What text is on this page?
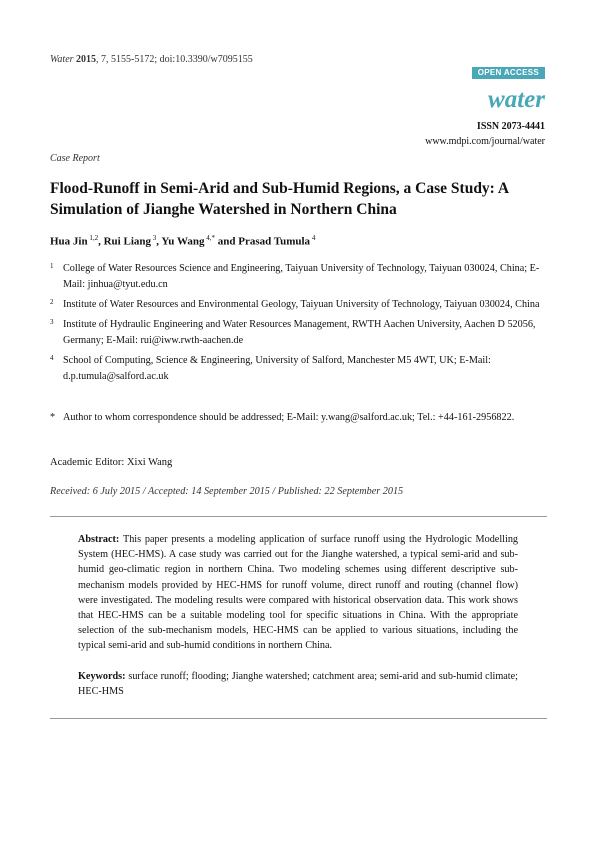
Water 2015, 7, 5155-5172; doi:10.3390/w7095155
OPEN ACCESS
water
ISSN 2073-4441
www.mdpi.com/journal/water
Case Report
Flood-Runoff in Semi-Arid and Sub-Humid Regions, a Case Study: A Simulation of Jianghe Watershed in Northern China
Hua Jin $^{1,2}$, Rui Liang $^3$, Yu Wang $^{4,*}$ and Prasad Tumula $^4$
1 College of Water Resources Science and Engineering, Taiyuan University of Technology, Taiyuan 030024, China; E-Mail: jinhua@tyut.edu.cn
2 Institute of Water Resources and Environmental Geology, Taiyuan University of Technology, Taiyuan 030024, China
3 Institute of Hydraulic Engineering and Water Resources Management, RWTH Aachen University, Aachen D 52056, Germany; E-Mail: rui@iww.rwth-aachen.de
4 School of Computing, Science & Engineering, University of Salford, Manchester M5 4WT, UK; E-Mail: d.p.tumula@salford.ac.uk
* Author to whom correspondence should be addressed; E-Mail: y.wang@salford.ac.uk; Tel.: +44-161-2956822.
Academic Editor: Xixi Wang
Received: 6 July 2015 / Accepted: 14 September 2015 / Published: 22 September 2015

Abstract: This paper presents a modeling application of surface runoff using the Hydrologic Modelling System (HEC-HMS). A case study was carried out for the Jianghe watershed, a typical semi-arid and sub-humid geo-climatic region in northern China. Two modeling schemes using different descriptive sub-mechanism models provided by HEC-HMS for runoff volume, direct runoff and routing (channel flow) were investigated. The modeling results were compared with historical observation data. This work shows that HEC-HMS can be a suitable modeling tool for specific situations in China. With the appropriate selection of the sub-mechanism models, HEC-HMS can be applied to various situations, including the typical semi-arid and sub-humid conditions in northern China.

Keywords: surface runoff; flooding; Jianghe watershed; catchment area; semi-arid and sub-humid climate; HEC-HMS
